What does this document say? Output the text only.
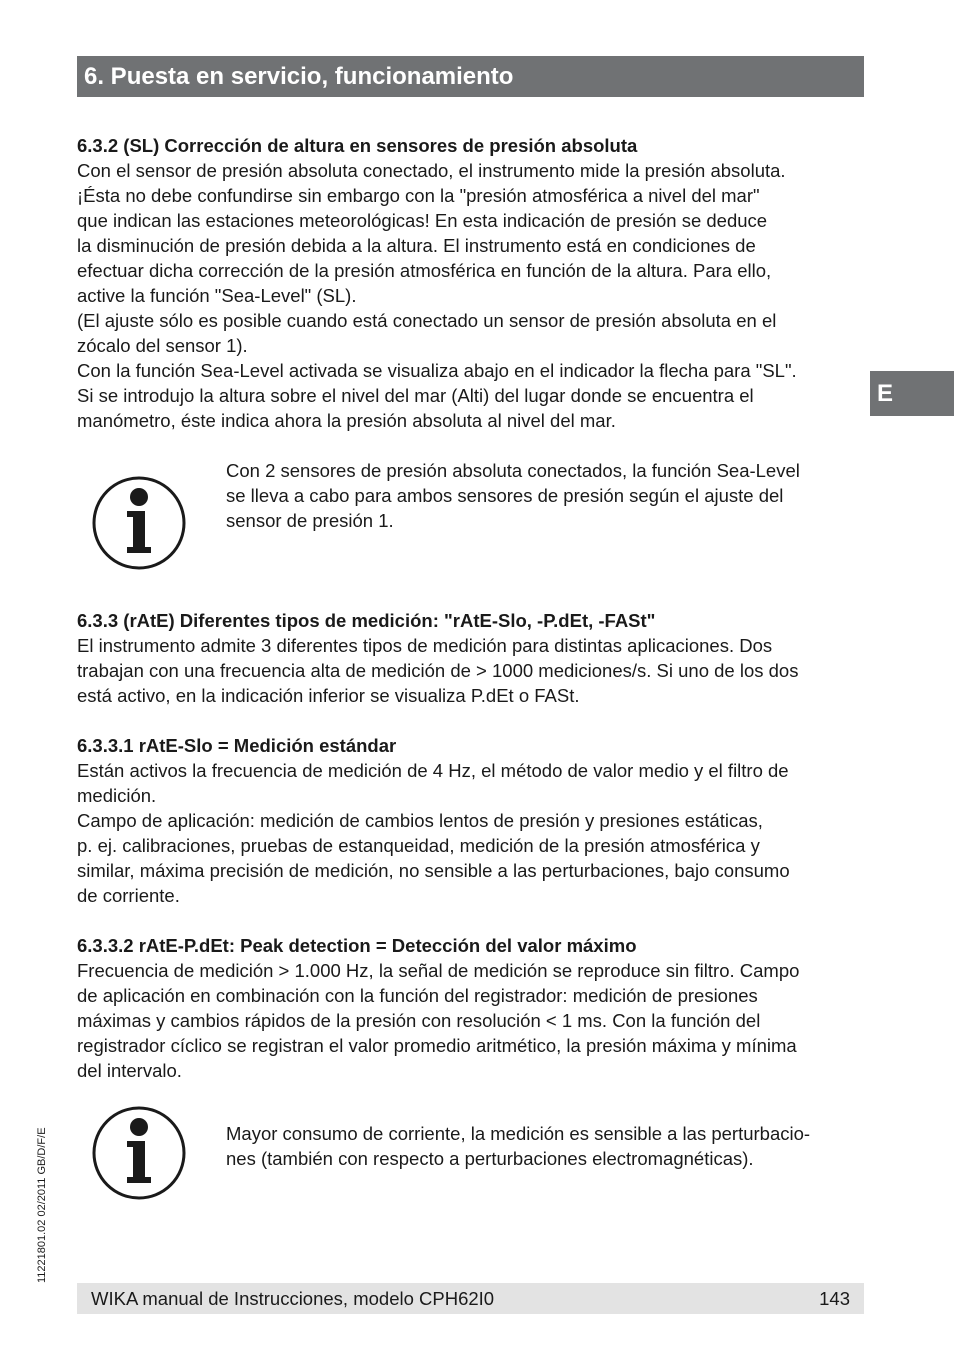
6. Puesta en servicio, funcionamiento
E

6.3.2 (SL) Corrección de altura en sensores de presión absoluta

Con el sensor de presión absoluta conectado, el instrumento mide la presión absoluta.

¡Ésta no debe confundirse sin embargo con la "presión atmosférica a nivel del mar"

que indican las estaciones meteorológicas! En esta indicación de presión se deduce

la disminución de presión debida a la altura. El instrumento está en condiciones de

efectuar dicha corrección de la presión atmosférica en función de la altura. Para ello,

active la función "Sea-Level" (SL).

(El ajuste sólo es posible cuando está conectado un sensor de presión absoluta en el

zócalo del sensor 1).

Con la función Sea-Level activada se visualiza abajo en el indicador la flecha para "SL".

Si se introdujo la altura sobre el nivel del mar (Alti) del lugar donde se encuentra el

manómetro, éste indica ahora la presión absoluta al nivel del mar.

Con 2 sensores de presión absoluta conectados, la función Sea-Level

se lleva a cabo para ambos sensores de presión según el ajuste del

sensor de presión 1.

6.3.3 (rAtE) Diferentes tipos de medición: "rAtE-Slo, -P.dEt, -FASt"

El instrumento admite 3 diferentes tipos de medición para distintas aplicaciones. Dos

trabajan con una frecuencia alta de medición de > 1000 mediciones/s. Si uno de los dos

está activo, en la indicación inferior se visualiza P.dEt o FASt.

6.3.3.1 rAtE-Slo = Medición estándar

Están activos la frecuencia de medición de 4 Hz, el método de valor medio y el filtro de

medición.

Campo de aplicación: medición de cambios lentos de presión y presiones estáticas,

p. ej. calibraciones, pruebas de estanqueidad, medición de la presión atmosférica y

similar, máxima precisión de medición, no sensible a las perturbaciones, bajo consumo

de corriente.

6.3.3.2 rAtE-P.dEt: Peak detection = Detección del valor máximo

Frecuencia de medición > 1.000 Hz, la señal de medición se reproduce sin filtro. Campo

de aplicación en combinación con la función del registrador: medición de presiones

máximas y cambios rápidos de la presión con resolución < 1 ms. Con la función del

registrador cíclico se registran el valor promedio aritmético, la presión máxima y mínima

del intervalo.

Mayor consumo de corriente, la medición es sensible a las perturbacio-

nes (también con respecto a perturbaciones electromagnéticas).

11221801.02 02/2011 GB/D/F/E
WIKA manual de Instrucciones, modelo CPH62I0	143
